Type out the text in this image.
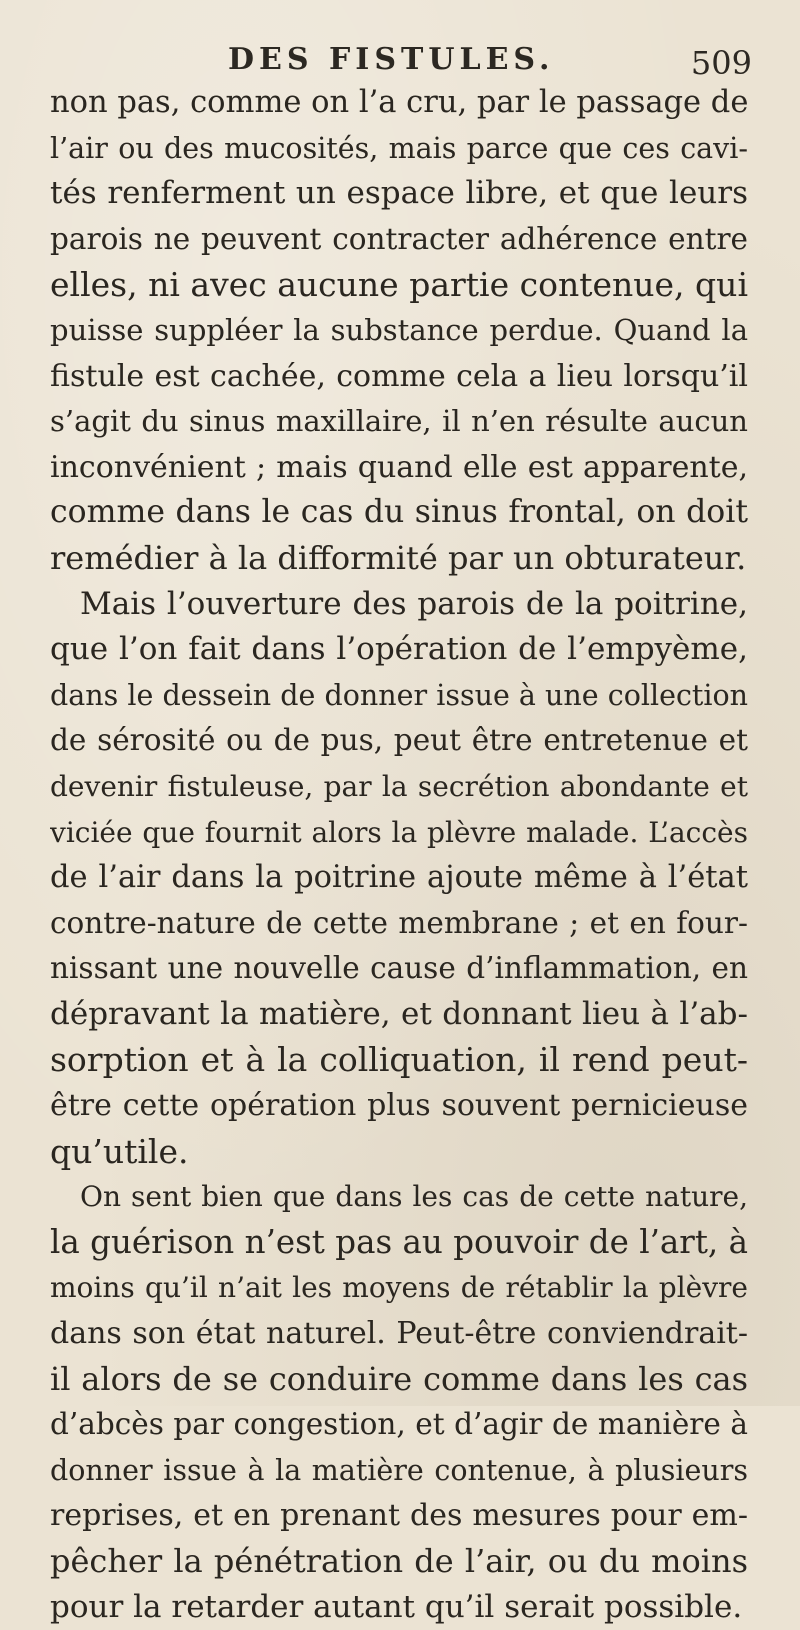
DES FISTULES.	509
non pas, comme on l’a cru, par le passage de
l’air ou des mucosités, mais parce que ces cavi-
tés renferment un espace libre, et que leurs
parois ne peuvent contracter adhérence entre
elles, ni avec aucune partie contenue, qui
puisse suppléer la substance perdue. Quand la
fistule est cachée, comme cela a lieu lorsqu’il
s’agit du sinus maxillaire, il n’en résulte aucun
inconvénient ; mais quand elle est apparente,
comme dans le cas du sinus frontal, on doit
remédier à la difformité par un obturateur.
Mais l’ouverture des parois de la poitrine,
que l’on fait dans l’opération de l’empyème,
dans le dessein de donner issue à une collection
de sérosité ou de pus, peut être entretenue et
devenir fistuleuse, par la secrétion abondante et
viciée que fournit alors la plèvre malade. L’accès
de l’air dans la poitrine ajoute même à l’état
contre-nature de cette membrane ; et en four-
nissant une nouvelle cause d’inflammation, en
dépravant la matière, et donnant lieu à l’ab-
sorption et à la colliquation, il rend peut-
être cette opération plus souvent pernicieuse
qu’utile.
On sent bien que dans les cas de cette nature,
la guérison n’est pas au pouvoir de l’art, à
moins qu’il n’ait les moyens de rétablir la plèvre
dans son état naturel. Peut-être conviendrait-
il alors de se conduire comme dans les cas
d’abcès par congestion, et d’agir de manière à
donner issue à la matière contenue, à plusieurs
reprises, et en prenant des mesures pour em-
pêcher la pénétration de l’air, ou du moins
pour la retarder autant qu’il serait possible.
